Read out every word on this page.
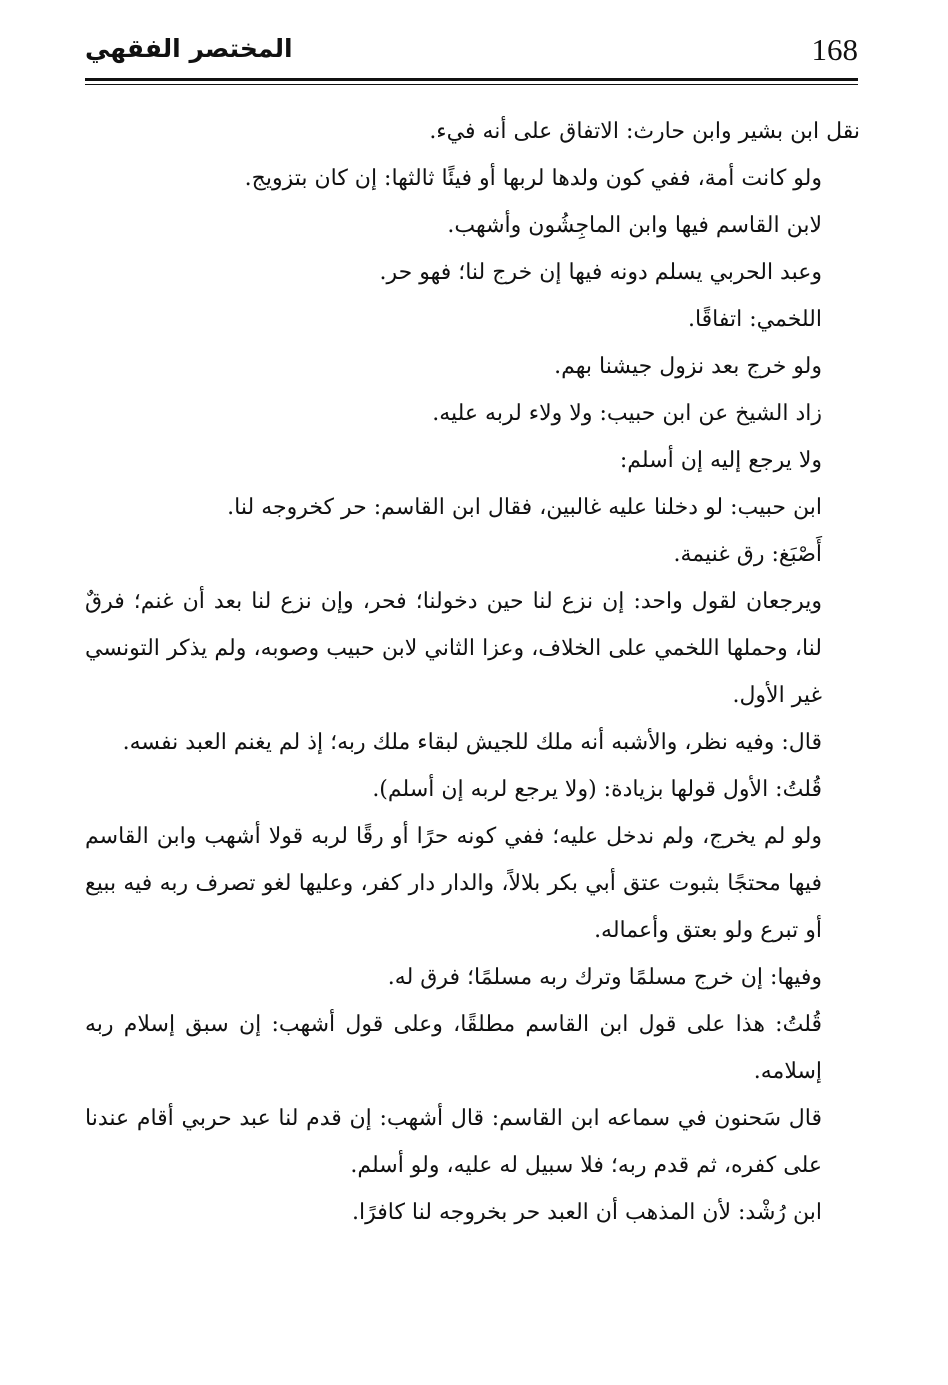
المختصر الفقهي	168

نقل ابن بشير وابن حارث: الاتفاق على أنه فيء.

ولو كانت أمة، ففي كون ولدها لربها أو فيئًا ثالثها: إن كان بتزويج.

لابن القاسم فيها وابن الماجِشُون وأشهب.

وعبد الحربي يسلم دونه فيها إن خرج لنا؛ فهو حر.

اللخمي: اتفاقًا.

ولو خرج بعد نزول جيشنا بهم.

زاد الشيخ عن ابن حبيب: ولا ولاء لربه عليه.

ولا يرجع إليه إن أسلم:

ابن حبيب: لو دخلنا عليه غالبين، فقال ابن القاسم: حر كخروجه لنا.

أَصْبَغ: رق غنيمة.

ويرجعان لقول واحد: إن نزع لنا حين دخولنا؛ فحر، وإن نزع لنا بعد أن غنم؛ فرقٌ لنا، وحملها اللخمي على الخلاف، وعزا الثاني لابن حبيب وصوبه، ولم يذكر التونسي غير الأول.

قال: وفيه نظر، والأشبه أنه ملك للجيش لبقاء ملك ربه؛ إذ لم يغنم العبد نفسه.

قُلتُ: الأول قولها بزيادة: (ولا يرجع لربه إن أسلم).

ولو لم يخرج، ولم ندخل عليه؛ ففي كونه حرًا أو رقًا لربه قولا أشهب وابن القاسم فيها محتجًا بثبوت عتق أبي بكر بلالاً، والدار دار كفر، وعليها لغو تصرف ربه فيه ببيع أو تبرع ولو بعتق وأعماله.

وفيها: إن خرج مسلمًا وترك ربه مسلمًا؛ فرق له.

قُلتُ: هذا على قول ابن القاسم مطلقًا، وعلى قول أشهب: إن سبق إسلام ربه إسلامه.

قال سَحنون في سماعه ابن القاسم: قال أشهب: إن قدم لنا عبد حربي أقام عندنا على كفره، ثم قدم ربه؛ فلا سبيل له عليه، ولو أسلم.

ابن رُشْد: لأن المذهب أن العبد حر بخروجه لنا كافرًا.
